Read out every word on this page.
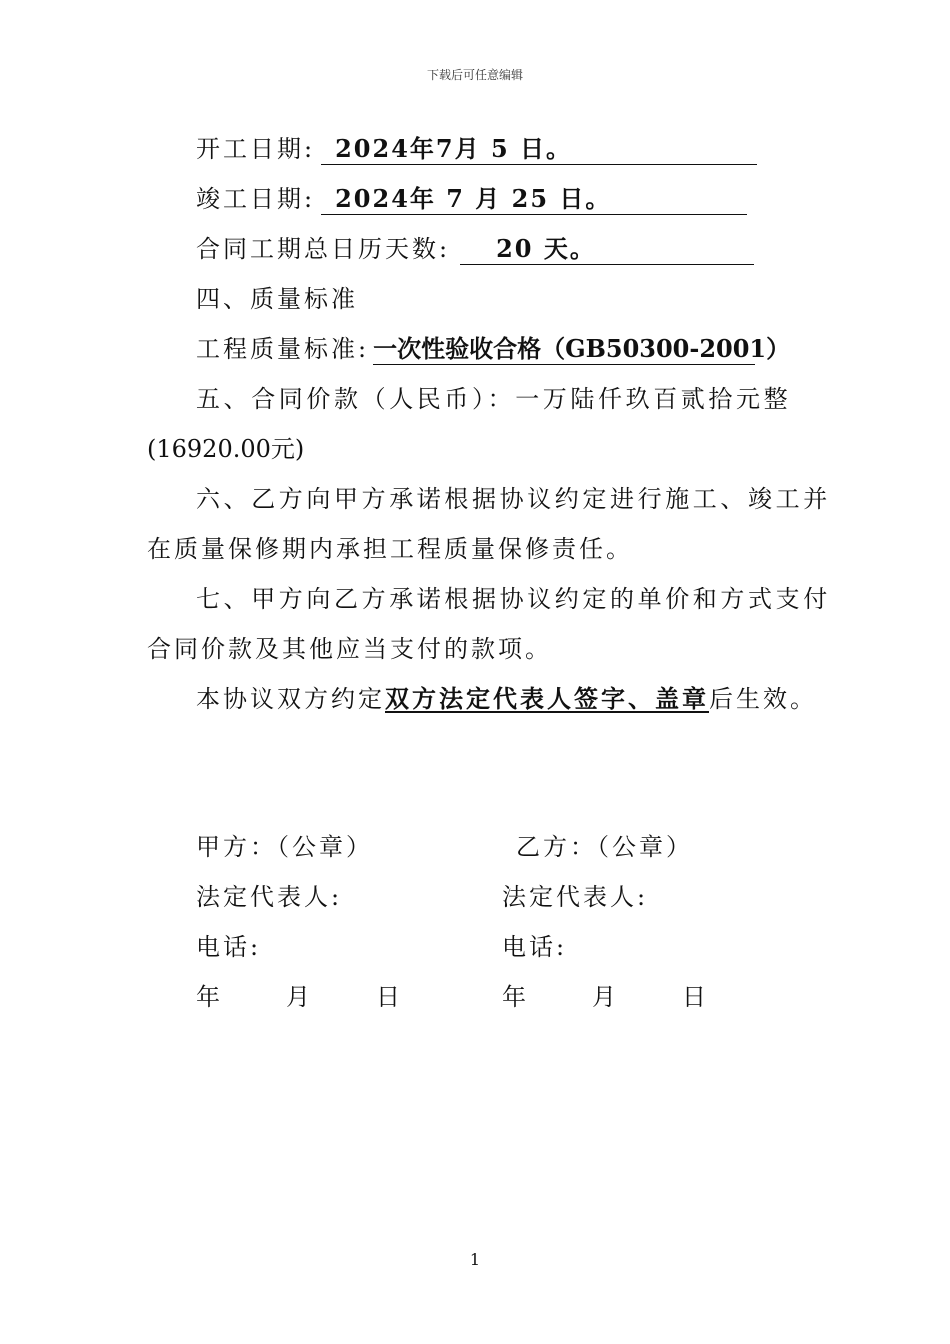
下载后可任意编辑
开工日期: 2024年7月 5 日。
竣工日期: 2024年 7 月 25 日。
合同工期总日历天数: 20 天。
四、质量标准
工程质量标准: 一次性验收合格（GB50300-2001）
五、合同价款（人民币）：一万陆仟玖百贰拾元整
(16920.00元)
六、乙方向甲方承诺根据协议约定进行施工、竣工并
在质量保修期内承担工程质量保修责任。
七、甲方向乙方承诺根据协议约定的单价和方式支付
合同价款及其他应当支付的款项。
本协议双方约定双方法定代表人签字、盖章后生效。
甲方：（公章）
法定代表人:
电话:
年　　月　　日
乙方：（公章）
法定代表人:
电话:
年　　月　　日
1
